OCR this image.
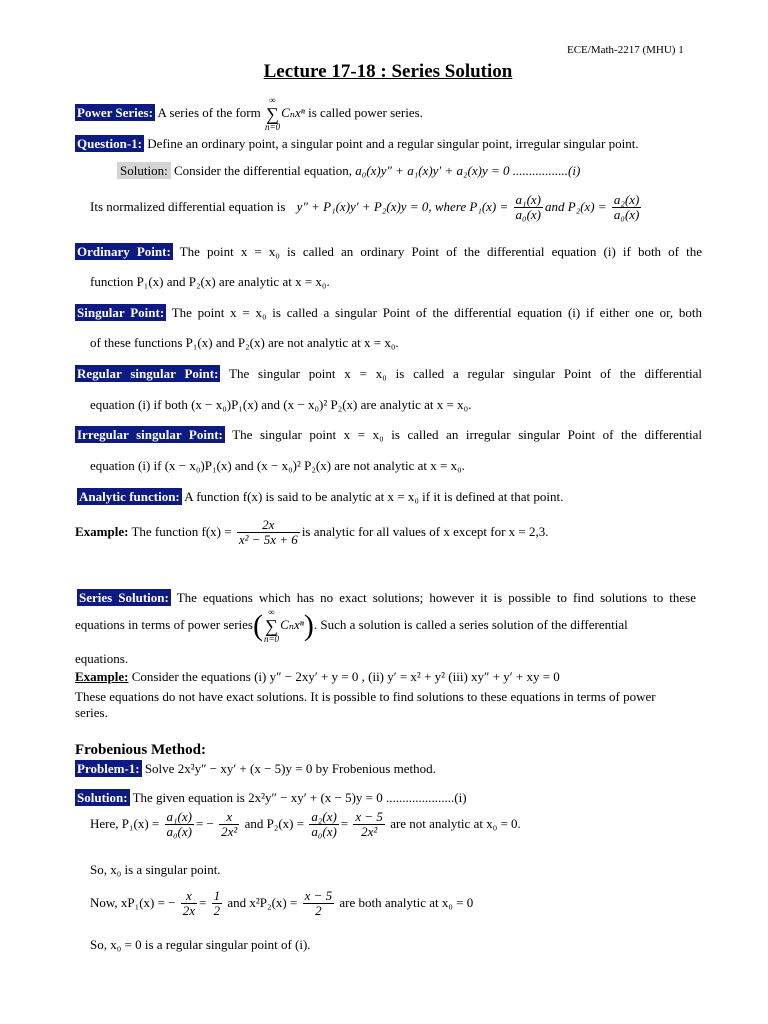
ECE/Math-2217 (MHU) 1
Lecture 17-18 : Series Solution
Power Series: A series of the form ∞
∑
n=0Cₙxⁿ is called power series.
Question-1: Define an ordinary point, a singular point and a regular singular point, irregular singular point.
Solution: Consider the differential equation, a₀(x)y″ + a₁(x)y′ + a₂(x)y = 0 .................(i)
Its normalized differential equation is y″ + P₁(x)y′ + P₂(x)y = 0, where $P_1(x) = \frac{\text{a₁(x)}}{\text{a₀(x)}}$ and $P_2(x) = \frac{\text{a₂(x)}}{\text{a₀(x)}}$
Ordinary Point: The point x = x₀ is called an ordinary Point of the differential equation (i) if both of the
function P₁(x) and P₂(x) are analytic at x = x₀.
Singular Point: The point x = x₀ is called a singular Point of the differential equation (i) if either one or, both
of these functions P₁(x) and P₂(x) are not analytic at x = x₀.
Regular singular Point: The singular point x = x₀ is called a regular singular Point of the differential
equation (i) if both (x − x₀)P₁(x) and (x − x₀)² P₂(x) are analytic at x = x₀.
Irregular singular Point: The singular point x = x₀ is called an irregular singular Point of the differential
equation (i) if (x − x₀)P₁(x) and (x − x₀)² P₂(x) are not analytic at x = x₀.
Analytic function: A function f(x) is said to be analytic at x = x₀ if it is defined at that point.
Example: The function $f(x) = \frac{2x}{\text{x² − 5x + 6}}$ is analytic for all values of x except for x = 2,3.
Series Solution: The equations which has no exact solutions; however it is possible to find solutions to these
equations in terms of power series( ∞
∑
n=0Cₙxⁿ). Such a solution is called a series solution of the differential
equations.
Example: Consider the equations (i) y″ − 2xy′ + y = 0 , (ii) y′ = x² + y² (iii) xy″ + y′ + xy = 0
These equations do not have exact solutions. It is possible to find solutions to these equations in terms of power series.
Frobenious Method:
Problem-1: Solve 2x²y″ − xy′ + (x − 5)y = 0 by Frobenious method.
Solution: The given equation is 2x²y″ − xy′ + (x − 5)y = 0 .....................(i)
Here, $P_1(x) = \frac{\text{a₁(x)}}{\text{a₀(x)}}$ = − $\frac{x}{\text{2x²}}$ and $P_2(x) = \frac{\text{a₂(x)}}{\text{a₀(x)}} = \frac{x - 5}{\text{2x²}}$ are not analytic at x₀ = 0.
So, x₀ is a singular point.
Now, xP₁(x) = − $\frac{x}{2x} = \frac{1}{2}$ and $x^2P_2(x) = \frac{x - 5}{2}$ are both analytic at x₀ = 0
So, x₀ = 0 is a regular singular point of (i).
